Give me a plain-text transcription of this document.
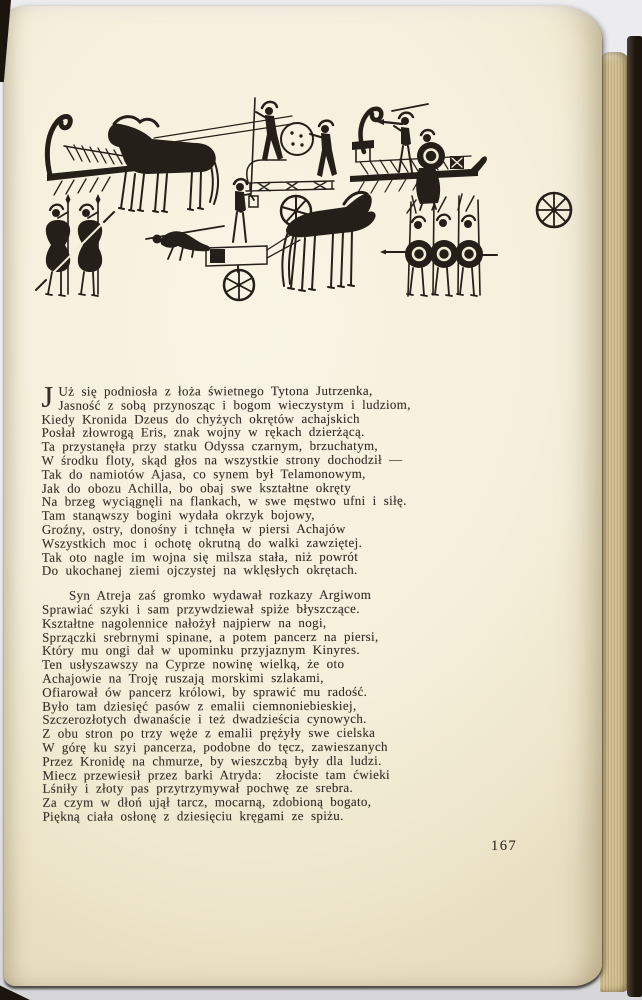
J Uż się podniosła z łoża świetnego Tytona Jutrzenka,
Jasność z sobą przynosząc i bogom wieczystym i ludziom,
Kiedy Kronida Dzeus do chyżych okrętów achajskich
Posłał złowrogą Eris, znak wojny w rękach dzierżącą.
Ta przystanęła przy statku Odyssa czarnym, brzuchatym,
W środku floty, skąd głos na wszystkie strony dochodził —
Tak do namiotów Ajasa, co synem był Telamonowym,
Jak do obozu Achilla, bo obaj swe kształtne okręty
Na brzeg wyciągnęli na flankach, w swe męstwo ufni i siłę.
Tam stanąwszy bogini wydała okrzyk bojowy,
Groźny, ostry, donośny i tchnęła w piersi Achajów
Wszystkich moc i ochotę okrutną do walki zawziętej.
Tak oto nagle im wojna się milsza stała, niż powrót
Do ukochanej ziemi ojczystej na wklęsłych okrętach.
Syn Atreja zaś gromko wydawał rozkazy Argiwom
Sprawiać szyki i sam przywdziewał spiże błyszczące.
Kształtne nagolennice nałożył najpierw na nogi,
Sprzączki srebrnymi spinane, a potem pancerz na piersi,
Który mu ongi dał w upominku przyjaznym Kinyres.
Ten usłyszawszy na Cyprze nowinę wielką, że oto
Achajowie na Troję ruszają morskimi szlakami,
Ofiarował ów pancerz królowi, by sprawić mu radość.
Było tam dziesięć pasów z emalii ciemnoniebieskiej,
Szczerozłotych dwanaście i też dwadzieścia cynowych.
Z obu stron po trzy węże z emalii prężyły swe cielska
W górę ku szyi pancerza, podobne do tęcz, zawieszanych
Przez Kronidę na chmurze, by wieszczbą były dla ludzi.
Miecz przewiesił przez barki Atryda:  złociste tam ćwieki
Lśniły i złoty pas przytrzymywał pochwę ze srebra.
Za czym w dłoń ujął tarcz, mocarną, zdobioną bogato,
Piękną ciała osłonę z dziesięciu kręgami ze spiżu.
167
